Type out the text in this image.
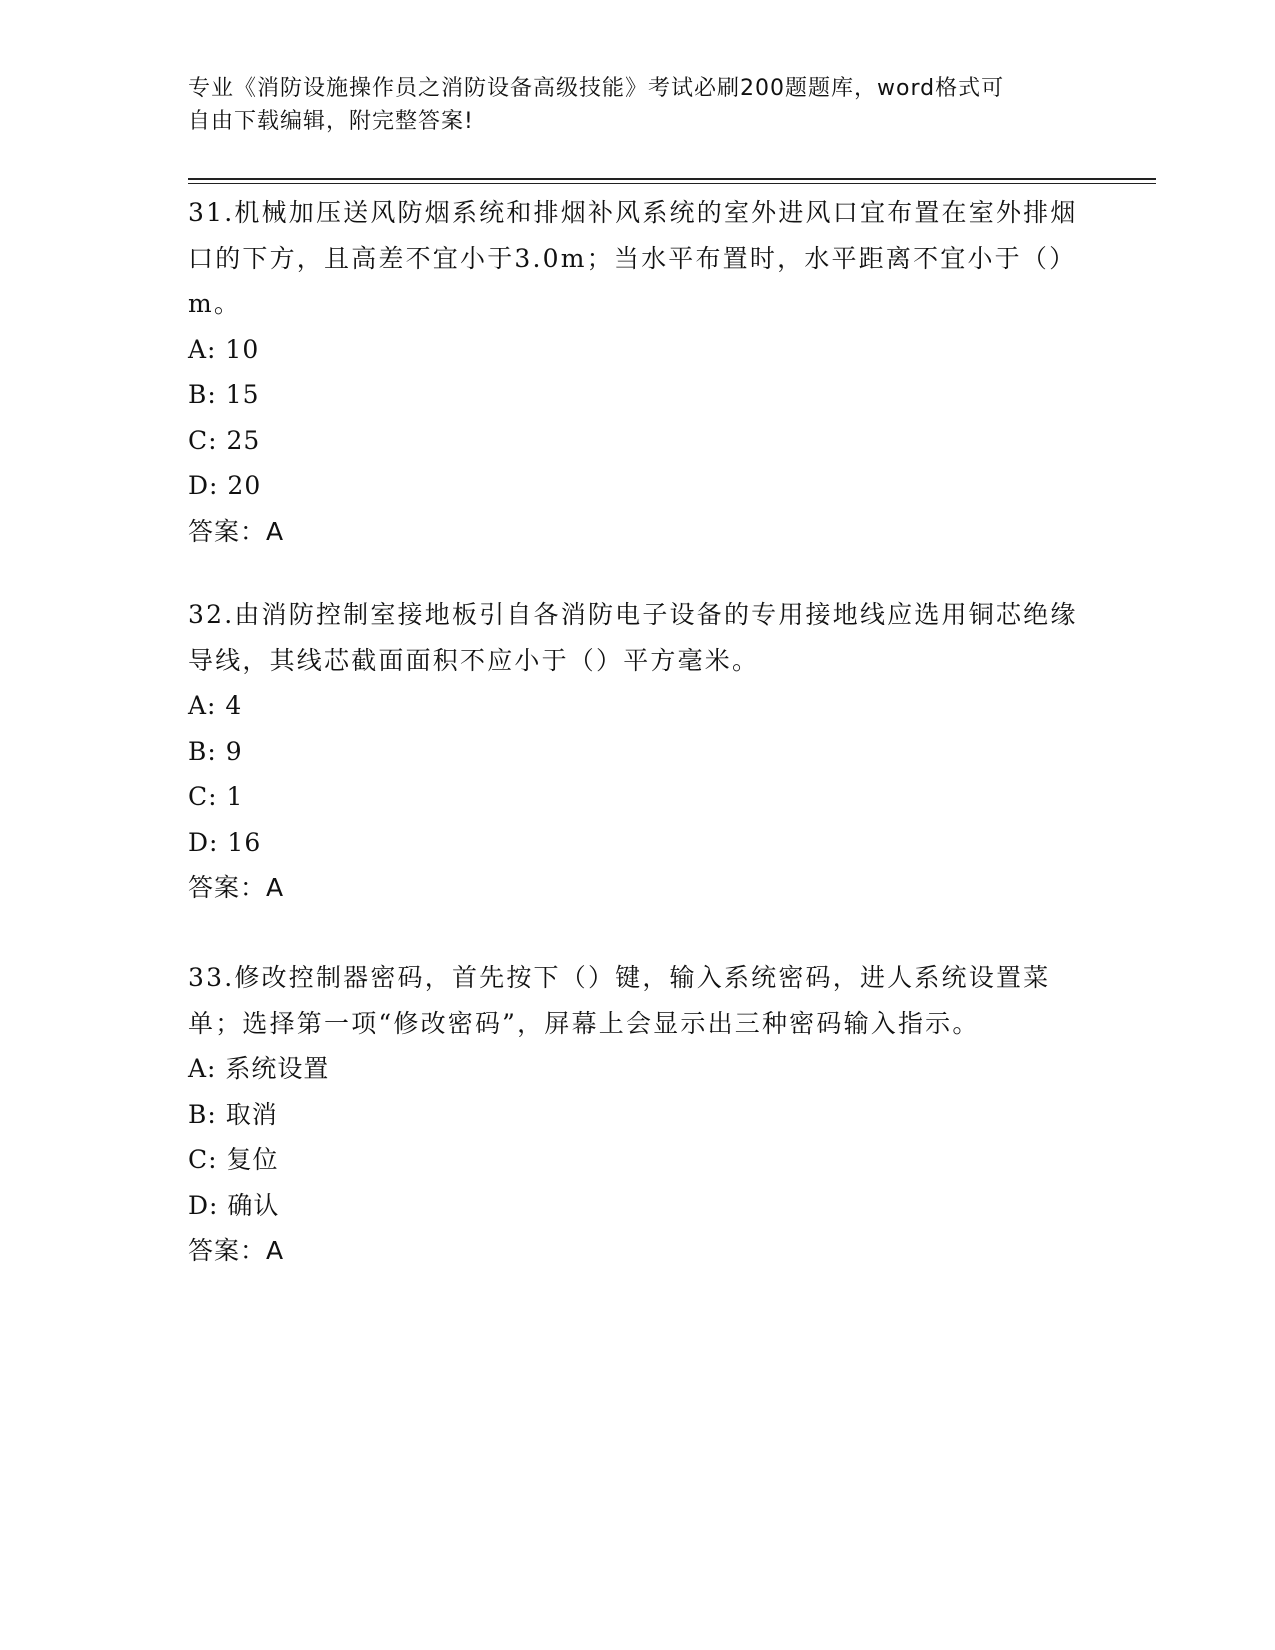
专业《消防设施操作员之消防设备高级技能》考试必刷200题题库，word格式可
自由下载编辑，附完整答案!

31.机械加压送风防烟系统和排烟补风系统的室外进风口宜布置在室外排烟口的下方，且高差不宜小于3.0m；当水平布置时，水平距离不宜小于（）m。

A: 10

B: 15

C: 25

D: 20

答案：A

32.由消防控制室接地板引自各消防电子设备的专用接地线应选用铜芯绝缘导线，其线芯截面面积不应小于（）平方毫米。

A: 4

B: 9

C: 1

D: 16

答案：A

33.修改控制器密码，首先按下（）键，输入系统密码，进人系统设置菜单；选择第一项“修改密码”，屏幕上会显示出三种密码输入指示。

A: 系统设置

B: 取消

C: 复位

D: 确认

答案：A
